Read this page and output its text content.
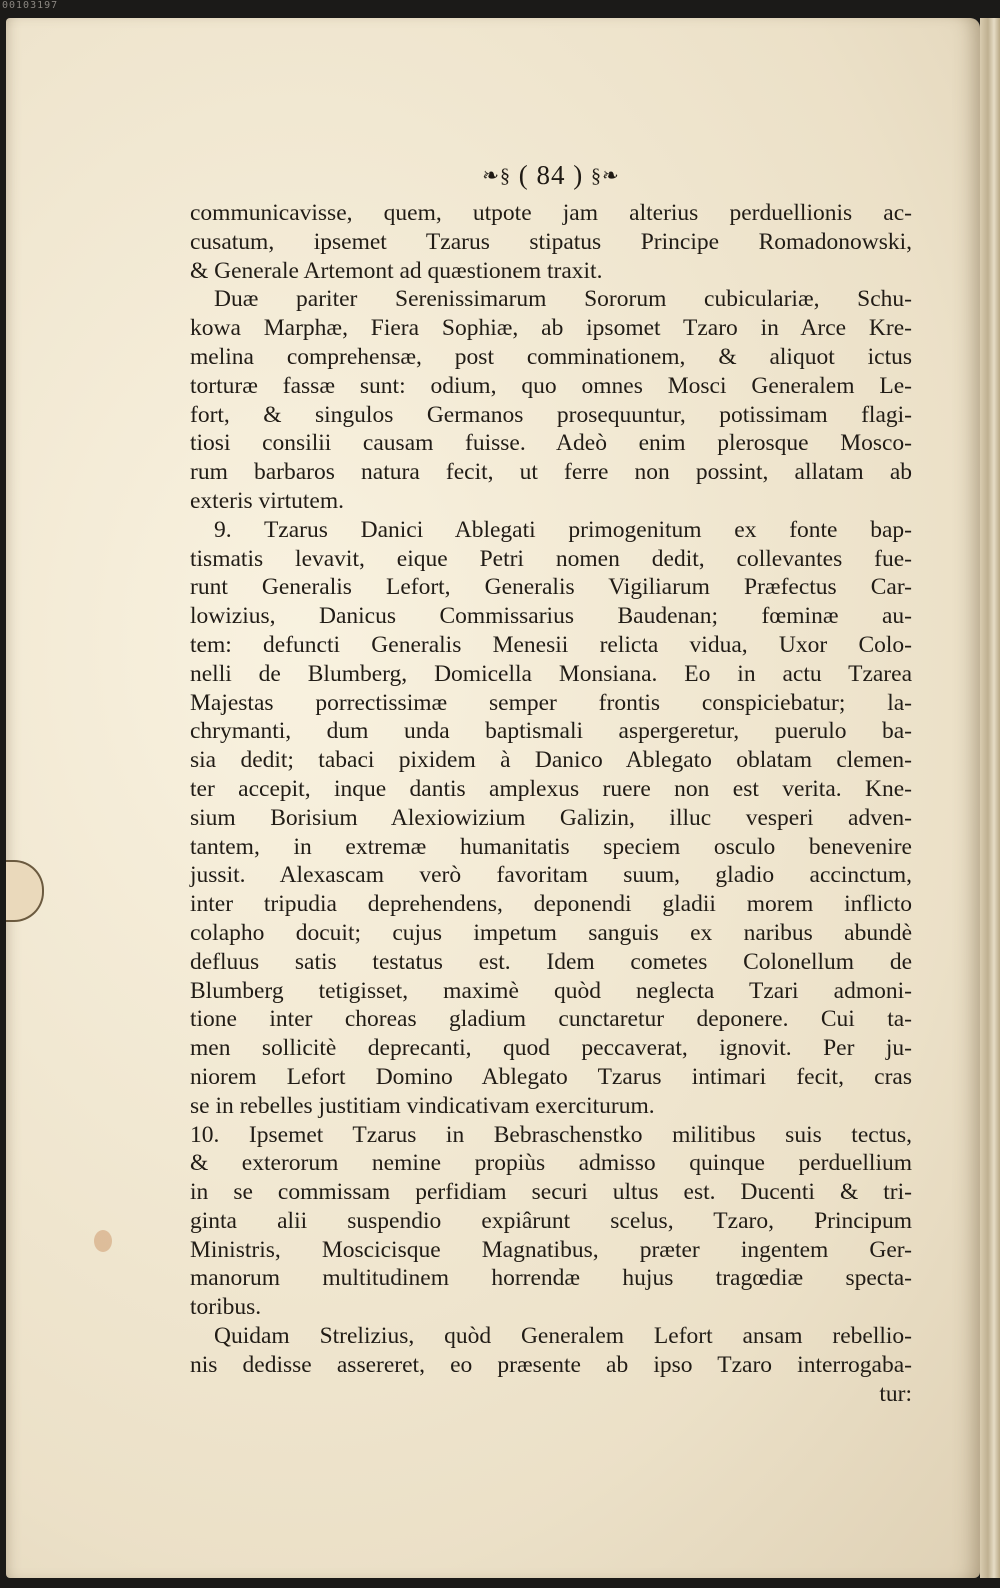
00103197
❧§ ( 84 ) §❧
communicavisse, quem, utpote jam alterius perduellionis ac-
cusatum, ipsemet Tzarus stipatus Principe Romadonowski,
& Generale Artemont ad quæstionem traxit.
Duæ pariter Serenissimarum Sororum cubiculariæ, Schu-
kowa Marphæ, Fiera Sophiæ, ab ipsomet Tzaro in Arce Kre-
melina comprehensæ, post comminationem, & aliquot ictus
torturæ fassæ sunt: odium, quo omnes Mosci Generalem Le-
fort, & singulos Germanos prosequuntur, potissimam flagi-
tiosi consilii causam fuisse. Adeò enim plerosque Mosco-
rum barbaros natura fecit, ut ferre non possint, allatam ab
exteris virtutem.
9. Tzarus Danici Ablegati primogenitum ex fonte bap-
tismatis levavit, eique Petri nomen dedit, collevantes fue-
runt Generalis Lefort, Generalis Vigiliarum Præfectus Car-
lowizius, Danicus Commissarius Baudenan; fœminæ au-
tem: defuncti Generalis Menesii relicta vidua, Uxor Colo-
nelli de Blumberg, Domicella Monsiana. Eo in actu Tzarea
Majestas porrectissimæ semper frontis conspiciebatur; la-
chrymanti, dum unda baptismali aspergeretur, puerulo ba-
sia dedit; tabaci pixidem à Danico Ablegato oblatam clemen-
ter accepit, inque dantis amplexus ruere non est verita. Kne-
sium Borisium Alexiowizium Galizin, illuc vesperi adven-
tantem, in extremæ humanitatis speciem osculo benevenire
jussit. Alexascam verò favoritam suum, gladio accinctum,
inter tripudia deprehendens, deponendi gladii morem inflicto
colapho docuit; cujus impetum sanguis ex naribus abundè
defluus satis testatus est. Idem cometes Colonellum de
Blumberg tetigisset, maximè quòd neglecta Tzari admoni-
tione inter choreas gladium cunctaretur deponere. Cui ta-
men sollicitè deprecanti, quod peccaverat, ignovit. Per ju-
niorem Lefort Domino Ablegato Tzarus intimari fecit, cras
se in rebelles justitiam vindicativam exerciturum.
10. Ipsemet Tzarus in Bebraschenstko militibus suis tectus,
& exterorum nemine propiùs admisso quinque perduellium
in se commissam perfidiam securi ultus est. Ducenti & tri-
ginta alii suspendio expiârunt scelus, Tzaro, Principum
Ministris, Moscicisque Magnatibus, præter ingentem Ger-
manorum multitudinem horrendæ hujus tragœdiæ specta-
toribus.
Quidam Strelizius, quòd Generalem Lefort ansam rebellio-
nis dedisse assereret, eo præsente ab ipso Tzaro interrogaba-
tur:
